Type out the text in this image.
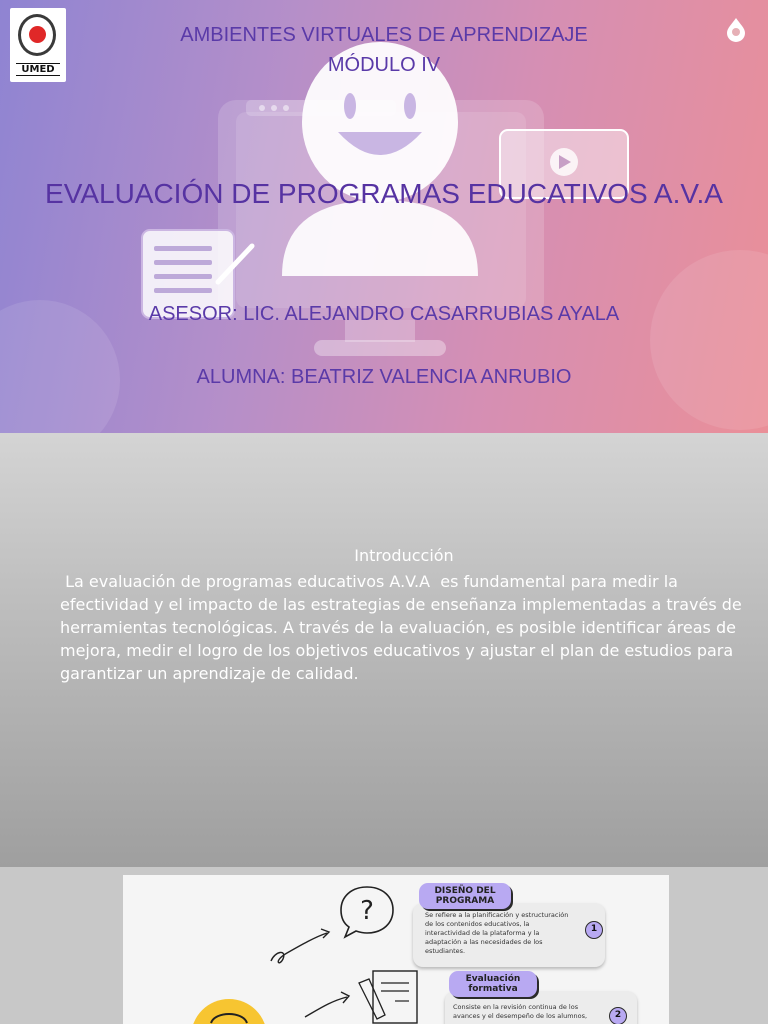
UMED

AMBIENTES VIRTUALES DE APRENDIZAJE

MÓDULO IV

EVALUACIÓN DE PROGRAMAS EDUCATIVOS A.V.A

ASESOR: LIC. ALEJANDRO CASARRUBIAS AYALA

ALUMNA: BEATRIZ VALENCIA ANRUBIO

Introducción

La evaluación de programas educativos A.V.A  es fundamental para medir la efectividad y el impacto de las estrategias de enseñanza implementadas a través de herramientas tecnológicas. A través de la evaluación, es posible identificar áreas de mejora, medir el logro de los objetivos educativos y ajustar el plan de estudios para garantizar un aprendizaje de calidad.

?	Se refiere a la planificación y estructuración de los contenidos educativos, la interactividad de la plataforma y la adaptación a las necesidades de los estudiantes.

1
DISEÑO DEL PROGRAMA

Consiste en la revisión continua de los avances y el desempeño de los alumnos,	2
Evaluación formativa
